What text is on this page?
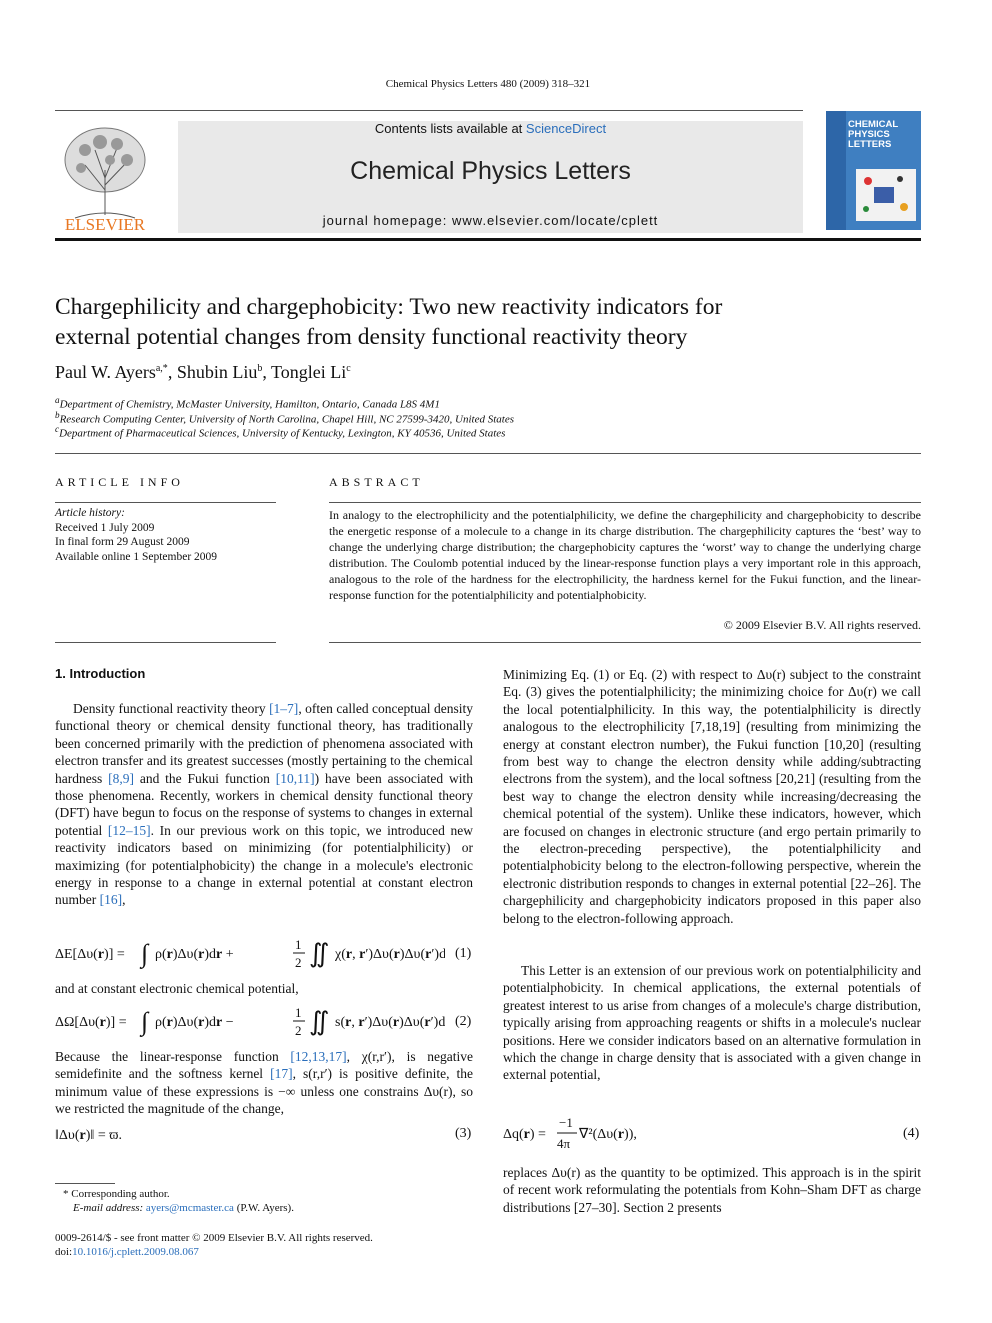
Chemical Physics Letters 480 (2009) 318–321
ELSEVIER
Contents lists available at ScienceDirect
Chemical Physics Letters
journal homepage: www.elsevier.com/locate/cplett
CHEMICAL
PHYSICS
LETTERS
Chargephilicity and chargephobicity: Two new reactivity indicators for
external potential changes from density functional reactivity theory
Paul W. Ayers$^{a,*}$, Shubin Liu$^b$, Tonglei Li$^c$
$^a$Department of Chemistry, McMaster University, Hamilton, Ontario, Canada L8S 4M1
$^b$Research Computing Center, University of North Carolina, Chapel Hill, NC 27599-3420, United States
$^c$Department of Pharmaceutical Sciences, University of Kentucky, Lexington, KY 40536, United States
ARTICLE INFO
Article history:
Received 1 July 2009
In final form 29 August 2009
Available online 1 September 2009
ABSTRACT
In analogy to the electrophilicity and the potentialphilicity, we define the chargephilicity and chargephobicity to describe the energetic response of a molecule to a change in its charge distribution. The chargephilicity captures the ‘best’ way to change the underlying charge distribution; the chargephobicity captures the ‘worst’ way to change the underlying charge distribution. The Coulomb potential induced by the linear-response function plays a very important role in this approach, analogous to the role of the hardness for the electrophilicity, the hardness kernel for the Fukui function, and the linear-response function for the potentialphilicity and potentialphobicity.
© 2009 Elsevier B.V. All rights reserved.
1. Introduction
Density functional reactivity theory [1–7], often called conceptual density functional theory or chemical density functional theory, has traditionally been concerned primarily with the prediction of phenomena associated with electron transfer and its greatest successes (mostly pertaining to the chemical hardness [8,9] and the Fukui function [10,11]) have been associated with those phenomena. Recently, workers in chemical density functional theory (DFT) have begun to focus on the response of systems to changes in external potential [12–15]. In our previous work on this topic, we introduced new reactivity indicators based on minimizing (for potentialphilicity) or maximizing (for potentialphobicity) the change in a molecule's electronic energy in response to a change in external potential at constant electron number [16],
ΔE[Δυ(r)] = ∫ ρ(r)Δυ(r)dr +
1
2 ∬ χ(r, r′)Δυ(r)Δυ(r′)d (1)
and at constant electronic chemical potential,
ΔΩ[Δυ(r)] = ∫ ρ(r)Δυ(r)dr −
1
2 ∬ s(r, r′)Δυ(r)Δυ(r′)d (2)
Because the linear-response function [12,13,17], χ(r,r′), is negative semidefinite and the softness kernel [17], s(r,r′) is positive definite, the minimum value of these expressions is −∞ unless one constrains Δυ(r), so we restricted the magnitude of the change,
‖Δυ(r)‖ = ϖ.	(3)
* Corresponding author.
E-mail address: ayers@mcmaster.ca (P.W. Ayers).
0009-2614/$ - see front matter © 2009 Elsevier B.V. All rights reserved.
doi:10.1016/j.cplett.2009.08.067
Minimizing Eq. (1) or Eq. (2) with respect to Δυ(r) subject to the constraint Eq. (3) gives the potentialphilicity; the minimizing choice for Δυ(r) we call the local potentialphilicity. In this way, the potentialphilicity is directly analogous to the electrophilicity [7,18,19] (resulting from minimizing the energy at constant electron number), the Fukui function [10,20] (resulting from best way to change the electron density while adding/subtracting electrons from the system), and the local softness [20,21] (resulting from the best way to change the electron density while increasing/decreasing the chemical potential of the system). Unlike these indicators, however, which are focused on changes in electronic structure (and ergo pertain primarily to the electron-preceding perspective), the potentialphilicity and potentialphobicity belong to the electron-following perspective, wherein the electronic distribution responds to changes in external potential [22–26]. The chargephilicity and chargephobicity indicators proposed in this paper also belong to the electron-following approach.
This Letter is an extension of our previous work on potentialphilicity and potentialphobicity. In chemical applications, the external potentials of greatest interest to us arise from changes of a molecule's charge distribution, typically arising from approaching reagents or shifts in a molecule's nuclear positions. Here we consider indicators based on an alternative formulation in which the change in charge density that is associated with a given change in external potential,
Δq(r) =
−1
4π
∇²(Δυ(r)),	(4)
replaces Δυ(r) as the quantity to be optimized. This approach is in the spirit of recent work reformulating the potentials from Kohn–Sham DFT as charge distributions [27–30]. Section 2 presents
